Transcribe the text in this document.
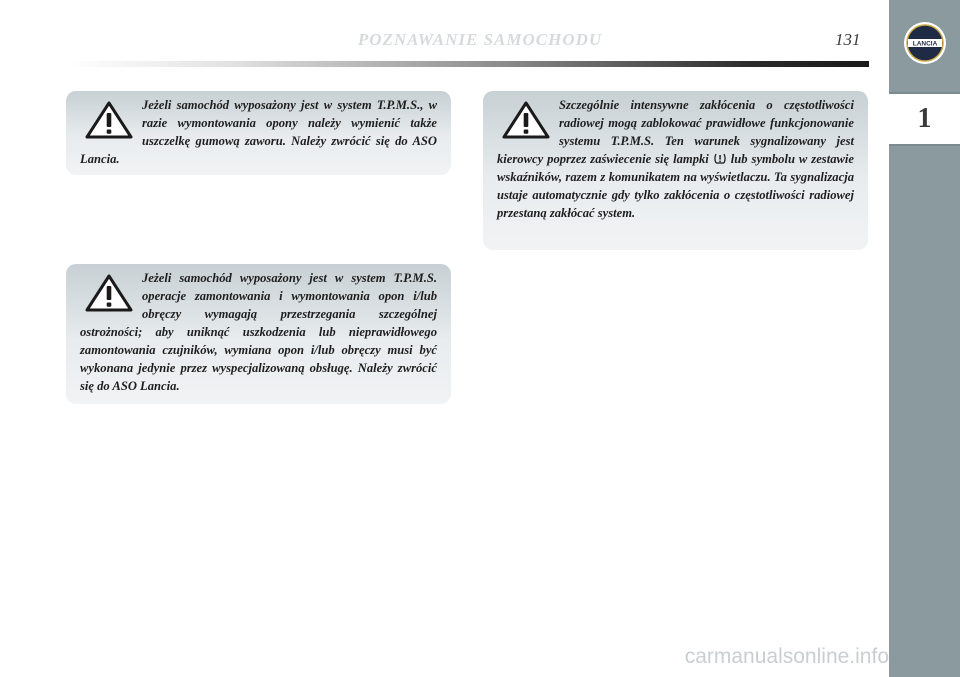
POZNAWANIE SAMOCHODU	131	LANCIA
1
Jeżeli samochód wyposażony jest w system T.P.M.S., w razie wymontowania opony należy wymienić także uszczelkę gumową zaworu. Należy zwrócić się do ASO Lancia.
Jeżeli samochód wyposażony jest w system T.P.M.S. operacje zamontowania i wymontowania opon i/lub obręczy wymagają przestrzegania szczególnej ostrożności; aby uniknąć uszkodzenia lub nieprawidłowego zamontowania czujników, wymiana opon i/lub obręczy musi być wykonana jedynie przez wyspecjalizowaną obsługę. Należy zwrócić się do ASO Lancia.
Szczególnie intensywne zakłócenia o częstotliwości radiowej mogą zablokować prawidłowe funkcjonowanie systemu T.P.M.S. Ten warunek sygnalizowany jest kierowcy poprzez zaświecenie się lampki lub symbolu w zestawie wskaźników, razem z komunikatem na wyświetlaczu. Ta sygnalizacja ustaje automatycznie gdy tylko zakłócenia o częstotliwości radiowej przestaną zakłócać system.
carmanualsonline.info
